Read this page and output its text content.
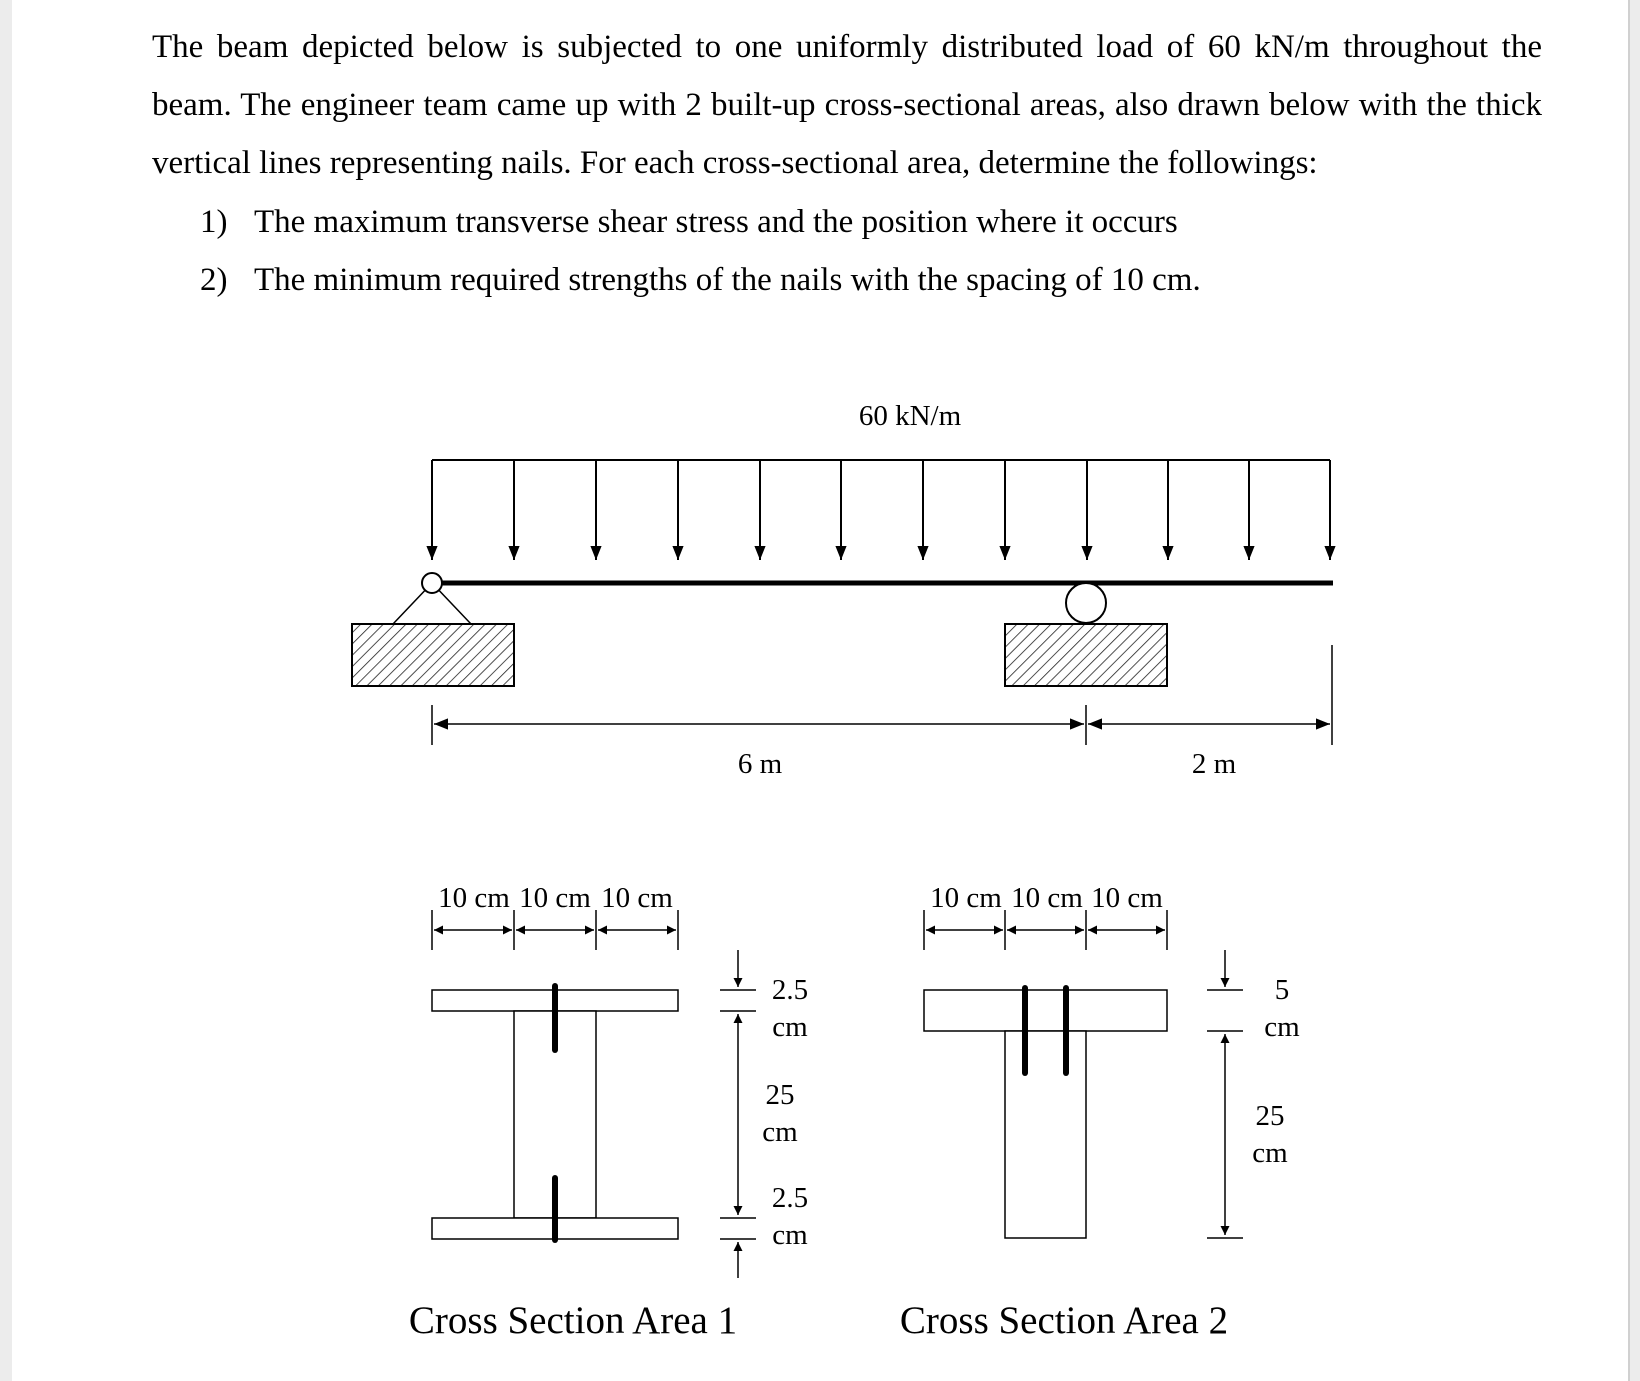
The beam depicted below is subjected to one uniformly distributed load of 60 kN/m throughout the beam. The engineer team came up with 2 built-up cross-sectional areas, also drawn below with the thick vertical lines representing nails. For each cross-sectional area, determine the followings:
1) The maximum transverse shear stress and the position where it occurs
2) The minimum required strengths of the nails with the spacing of 10 cm.
60 kN/m
6 m	2 m
10 cm 10 cm 10 cm
2.5
cm
25
cm
2.5
cm
Cross Section Area 1
10 cm 10 cm 10 cm
5
cm
25
cm
Cross Section Area 2
